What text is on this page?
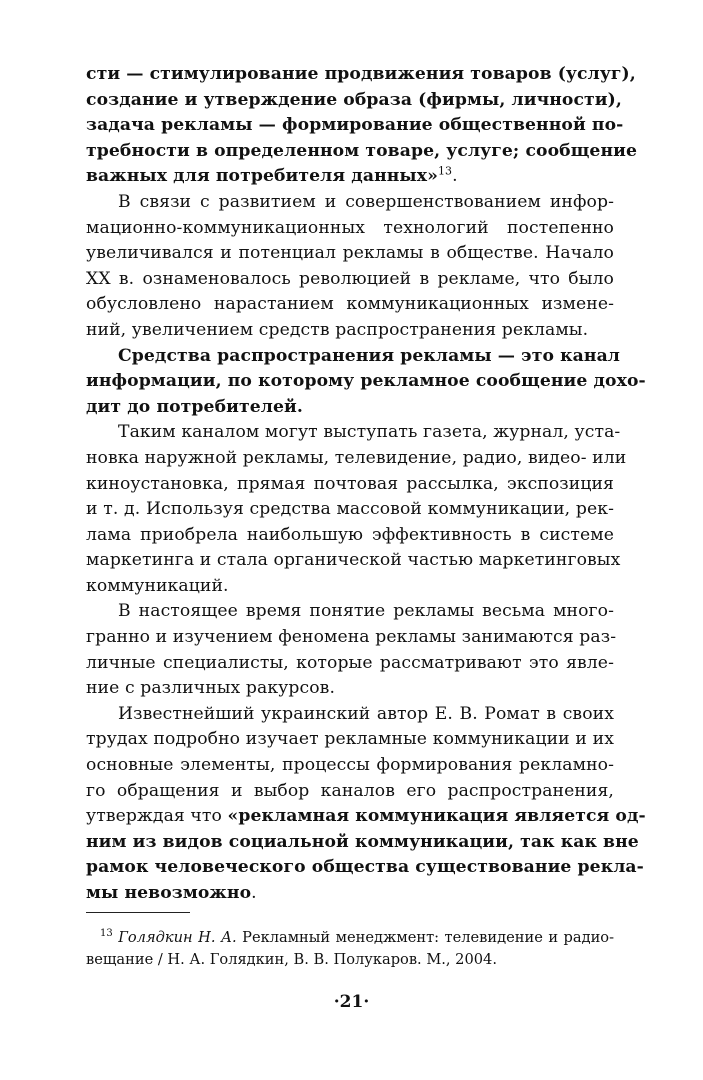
сти — стимулирование продвижения товаров (услуг),
создание и утверждение образа (фирмы, личности),
задача рекламы — формирование общественной по-
требности в определенном товаре, услуге; сообщение
важных для потребителя данных»$^{13}$.
В связи с развитием и совершенствованием инфор-
мационно-коммуникационных технологий постепенно
увеличивался и потенциал рекламы в обществе. Начало
XX в. ознаменовалось революцией в рекламе, что было
обусловлено нарастанием коммуникационных измене-
ний, увеличением средств распространения рекламы.
Средства распространения рекламы — это канал
информации, по которому рекламное сообщение дохо-
дит до потребителей.
Таким каналом могут выступать газета, журнал, уста-
новка наружной рекламы, телевидение, радио, видео- или
киноустановка, прямая почтовая рассылка, экспозиция
и т. д. Используя средства массовой коммуникации, рек-
лама приобрела наибольшую эффективность в системе
маркетинга и стала органической частью маркетинговых
коммуникаций.
В настоящее время понятие рекламы весьма много-
гранно и изучением феномена рекламы занимаются раз-
личные специалисты, которые рассматривают это явле-
ние с различных ракурсов.
Известнейший украинский автор Е. В. Ромат в своих
трудах подробно изучает рекламные коммуникации и их
основные элементы, процессы формирования рекламно-
го обращения и выбор каналов его распространения,
утверждая что «рекламная коммуникация является од-
ним из видов социальной коммуникации, так как вне
рамок человеческого общества существование рекла-
мы невозможно.
$^{13}$ Голядкин Н. А. Рекламный менеджмент: телевидение и радио-
вещание / Н. А. Голядкин, В. В. Полукаров. М., 2004.
·21·
